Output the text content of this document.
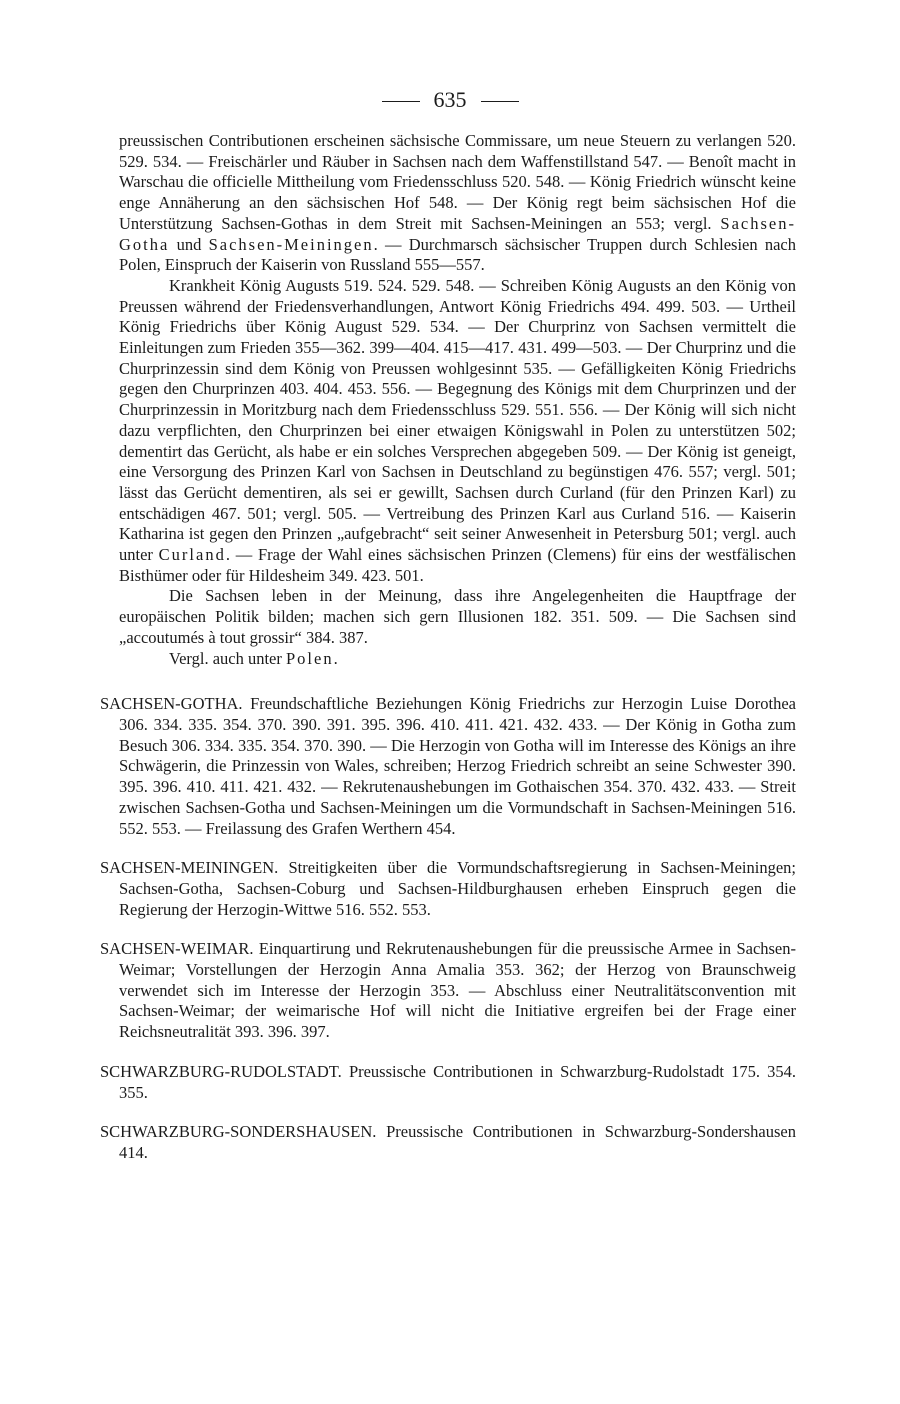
635

preussischen Contributionen erscheinen sächsische Commissare, um neue Steuern zu verlangen 520. 529. 534. — Freischärler und Räuber in Sachsen nach dem Waffenstillstand 547. — Benoît macht in Warschau die officielle Mittheilung vom Friedensschluss 520. 548. — König Friedrich wünscht keine enge Annäherung an den sächsischen Hof 548. — Der König regt beim sächsischen Hof die Unterstützung Sachsen-Gothas in dem Streit mit Sachsen-Meiningen an 553; vergl. Sachsen-Gotha und Sachsen-Meiningen. — Durchmarsch sächsischer Truppen durch Schlesien nach Polen, Einspruch der Kaiserin von Russland 555—557.

Krankheit König Augusts 519. 524. 529. 548. — Schreiben König Augusts an den König von Preussen während der Friedensverhandlungen, Antwort König Friedrichs 494. 499. 503. — Urtheil König Friedrichs über König August 529. 534. — Der Churprinz von Sachsen vermittelt die Einleitungen zum Frieden 355—362. 399—404. 415—417. 431. 499—503. — Der Churprinz und die Churprinzessin sind dem König von Preussen wohlgesinnt 535. — Gefälligkeiten König Friedrichs gegen den Churprinzen 403. 404. 453. 556. — Begegnung des Königs mit dem Churprinzen und der Churprinzessin in Moritzburg nach dem Friedensschluss 529. 551. 556. — Der König will sich nicht dazu verpflichten, den Churprinzen bei einer etwaigen Königswahl in Polen zu unterstützen 502; dementirt das Gerücht, als habe er ein solches Versprechen abgegeben 509. — Der König ist geneigt, eine Versorgung des Prinzen Karl von Sachsen in Deutschland zu begünstigen 476. 557; vergl. 501; lässt das Gerücht dementiren, als sei er gewillt, Sachsen durch Curland (für den Prinzen Karl) zu entschädigen 467. 501; vergl. 505. — Vertreibung des Prinzen Karl aus Curland 516. — Kaiserin Katharina ist gegen den Prinzen „aufgebracht“ seit seiner Anwesenheit in Petersburg 501; vergl. auch unter Curland. — Frage der Wahl eines sächsischen Prinzen (Clemens) für eins der westfälischen Bisthümer oder für Hildesheim 349. 423. 501.

Die Sachsen leben in der Meinung, dass ihre Angelegenheiten die Hauptfrage der europäischen Politik bilden; machen sich gern Illusionen 182. 351. 509. — Die Sachsen sind „accoutumés à tout grossir“ 384. 387.

Vergl. auch unter Polen.

SACHSEN-GOTHA. Freundschaftliche Beziehungen König Friedrichs zur Herzogin Luise Dorothea 306. 334. 335. 354. 370. 390. 391. 395. 396. 410. 411. 421. 432. 433. — Der König in Gotha zum Besuch 306. 334. 335. 354. 370. 390. — Die Herzogin von Gotha will im Interesse des Königs an ihre Schwägerin, die Prinzessin von Wales, schreiben; Herzog Friedrich schreibt an seine Schwester 390. 395. 396. 410. 411. 421. 432. — Rekrutenaushebungen im Gothaischen 354. 370. 432. 433. — Streit zwischen Sachsen-Gotha und Sachsen-Meiningen um die Vormundschaft in Sachsen-Meiningen 516. 552. 553. — Freilassung des Grafen Werthern 454.

SACHSEN-MEININGEN. Streitigkeiten über die Vormundschaftsregierung in Sachsen-Meiningen; Sachsen-Gotha, Sachsen-Coburg und Sachsen-Hildburghausen erheben Einspruch gegen die Regierung der Herzogin-Wittwe 516. 552. 553.

SACHSEN-WEIMAR. Einquartirung und Rekrutenaushebungen für die preussische Armee in Sachsen-Weimar; Vorstellungen der Herzogin Anna Amalia 353. 362; der Herzog von Braunschweig verwendet sich im Interesse der Herzogin 353. — Abschluss einer Neutralitätsconvention mit Sachsen-Weimar; der weimarische Hof will nicht die Initiative ergreifen bei der Frage einer Reichsneutralität 393. 396. 397.

SCHWARZBURG-RUDOLSTADT. Preussische Contributionen in Schwarzburg-Rudolstadt 175. 354. 355.

SCHWARZBURG-SONDERSHAUSEN. Preussische Contributionen in Schwarzburg-Sondershausen 414.
